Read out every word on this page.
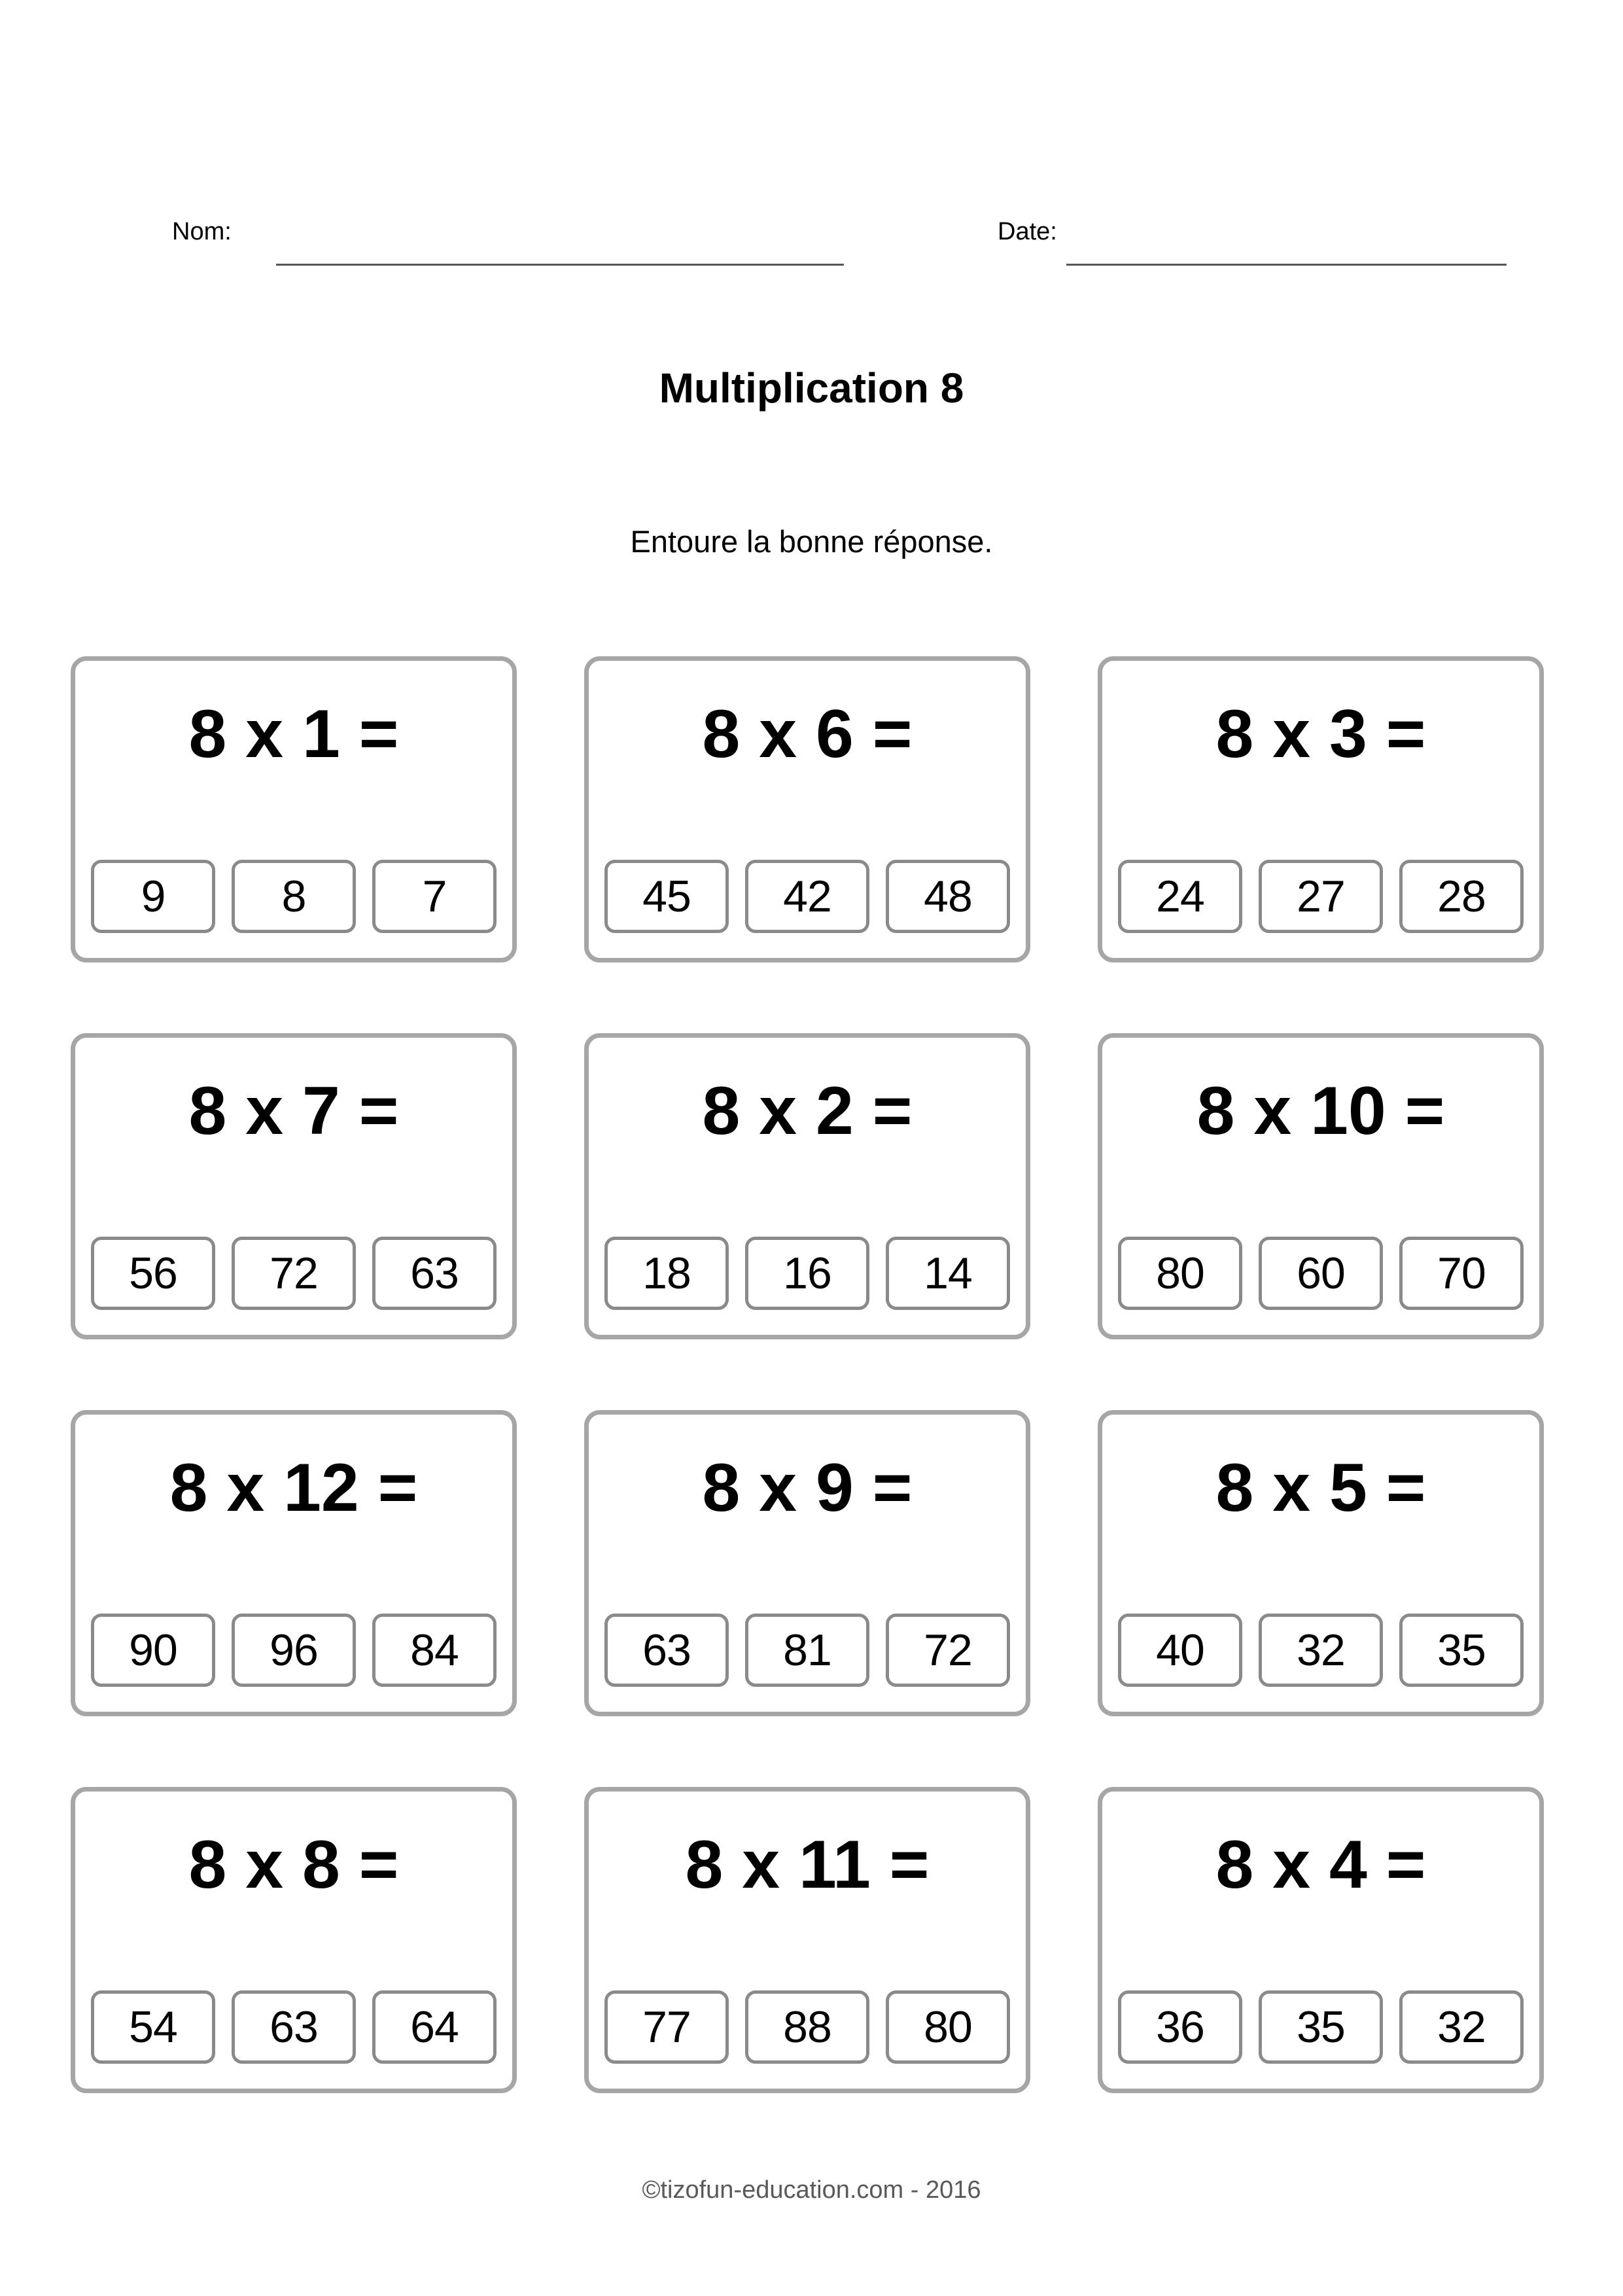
Nom:	Date:
Multiplication 8
Entoure la bonne réponse.
8 x 1 =
9	8	7
8 x 6 =
45	42	48
8 x 3 =
24	27	28
8 x 7 =
56	72	63
8 x 2 =
18	16	14
8 x 10 =
80	60	70
8 x 12 =
90	96	84
8 x 9 =
63	81	72
8 x 5 =
40	32	35
8 x 8 =
54	63	64
8 x 11 =
77	88	80
8 x 4 =
36	35	32
©tizofun-education.com - 2016
